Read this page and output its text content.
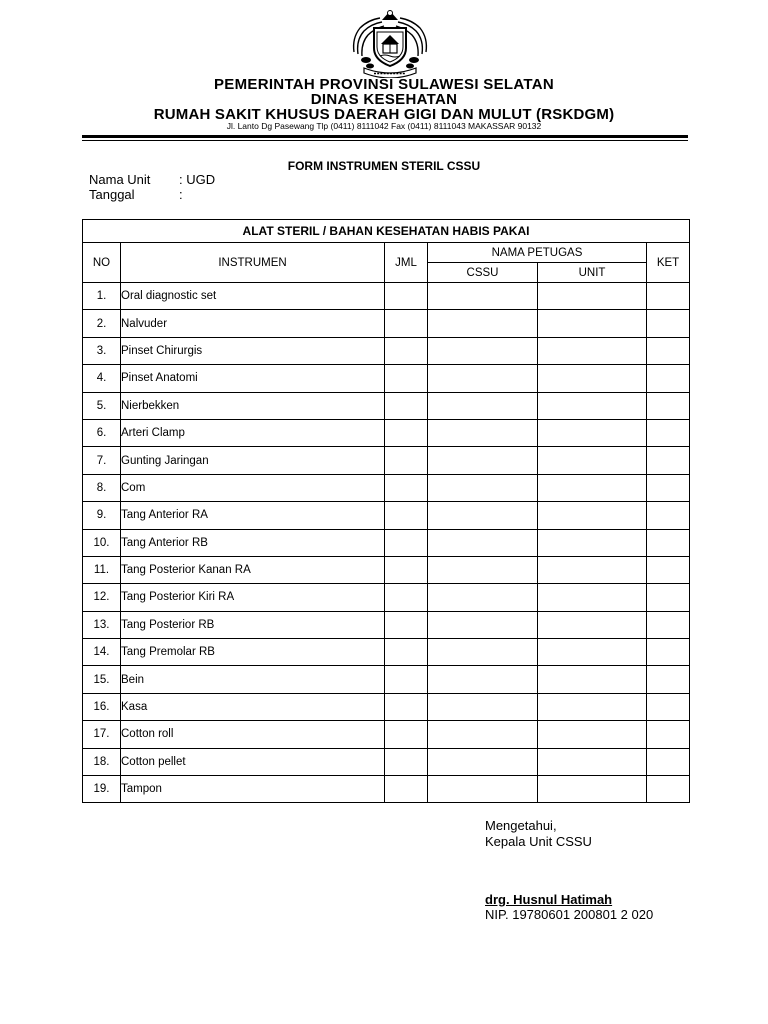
PEMERINTAH PROVINSI SULAWESI SELATAN
DINAS KESEHATAN
RUMAH SAKIT KHUSUS DAERAH GIGI DAN MULUT (RSKDGM)
Jl. Lanto Dg Pasewang Tlp (0411) 8111042 Fax (0411) 8111043 MAKASSAR 90132
FORM INSTRUMEN STERIL CSSU
Nama Unit : UGD
Tanggal	:
ALAT STERIL / BAHAN KESEHATAN HABIS PAKAI					
NO	INSTRUMEN	JML	NAMA PETUGAS		KET
			CSSU	UNIT	
1.	Oral diagnostic set				
2.	Nalvuder				
3.	Pinset Chirurgis				
4.	Pinset Anatomi				
5.	Nierbekken				
6.	Arteri Clamp				
7.	Gunting Jaringan				
8.	Com				
9.	Tang Anterior RA				
10.	Tang Anterior RB				
11.	Tang Posterior Kanan RA				
12.	Tang Posterior Kiri RA				
13.	Tang Posterior RB				
14.	Tang Premolar RB				
15.	Bein				
16.	Kasa				
17.	Cotton roll				
18.	Cotton pellet				
19.	Tampon				
Mengetahui,
Kepala Unit CSSU
drg. Husnul Hatimah
NIP. 19780601 200801 2 020
